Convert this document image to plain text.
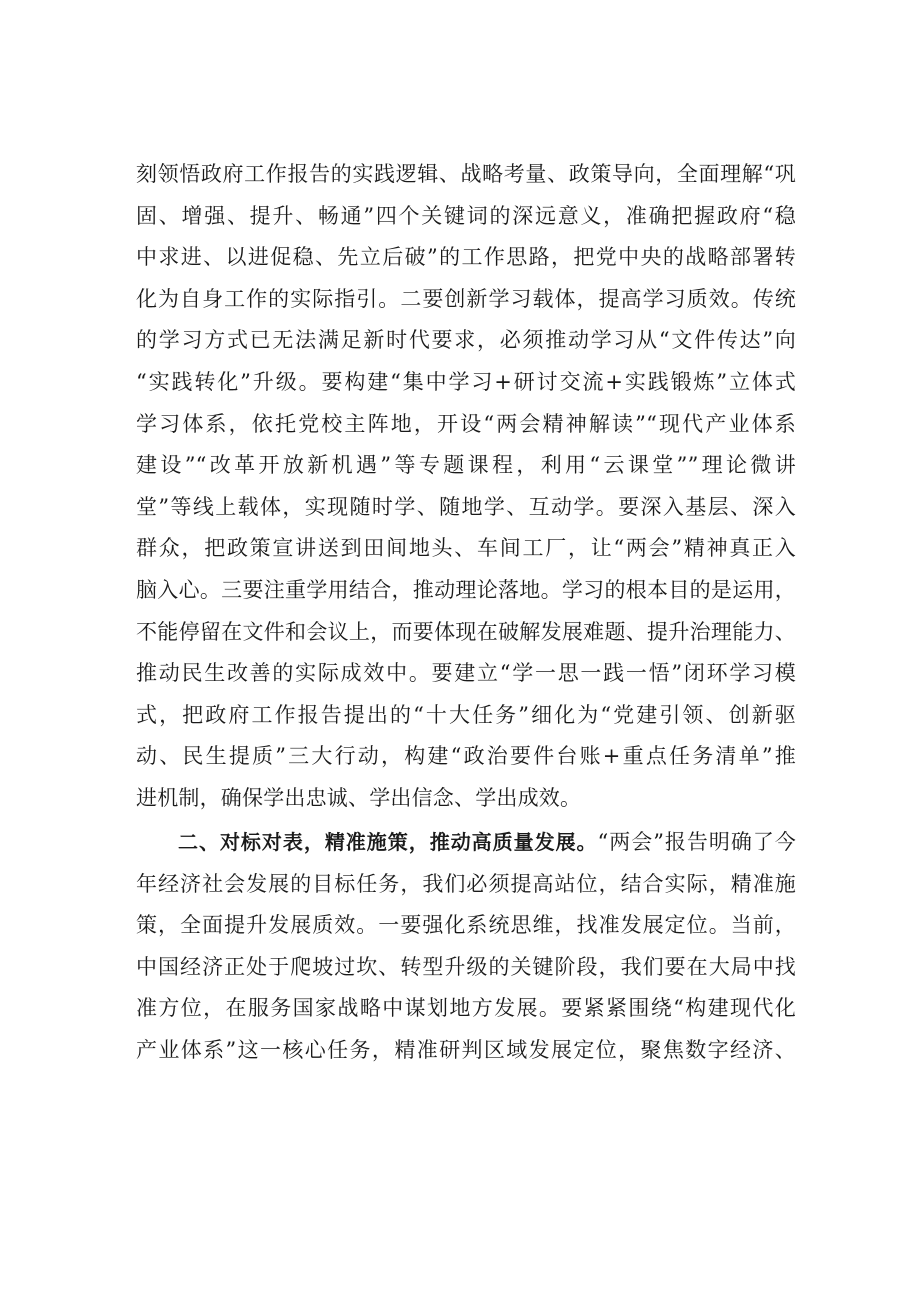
刻领悟政府工作报告的实践逻辑、战略考量、政策导向，全面理解“巩
固、增强、提升、畅通”四个关键词的深远意义，准确把握政府“稳
中求进、以进促稳、先立后破”的工作思路，把党中央的战略部署转
化为自身工作的实际指引。二要创新学习载体，提高学习质效。传统
的学习方式已无法满足新时代要求，必须推动学习从“文件传达”向
“实践转化”升级。要构建“集中学习+研讨交流+实践锻炼”立体式
学习体系，依托党校主阵地，开设“两会精神解读”“现代产业体系
建设”“改革开放新机遇”等专题课程，利用“云课堂””理论微讲
堂”等线上载体，实现随时学、随地学、互动学。要深入基层、深入
群众，把政策宣讲送到田间地头、车间工厂，让“两会”精神真正入
脑入心。三要注重学用结合，推动理论落地。学习的根本目的是运用，
不能停留在文件和会议上，而要体现在破解发展难题、提升治理能力、
推动民生改善的实际成效中。要建立“学一思一践一悟”闭环学习模
式，把政府工作报告提出的“十大任务”细化为“党建引领、创新驱
动、民生提质”三大行动，构建“政治要件台账+重点任务清单”推
进机制，确保学出忠诚、学出信念、学出成效。
二、对标对表，精准施策，推动高质量发展。“两会”报告明确了今
年经济社会发展的目标任务，我们必须提高站位，结合实际，精准施
策，全面提升发展质效。一要强化系统思维，找准发展定位。当前，
中国经济正处于爬坡过坎、转型升级的关键阶段，我们要在大局中找
准方位，在服务国家战略中谋划地方发展。要紧紧围绕“构建现代化
产业体系”这一核心任务，精准研判区域发展定位，聚焦数字经济、
